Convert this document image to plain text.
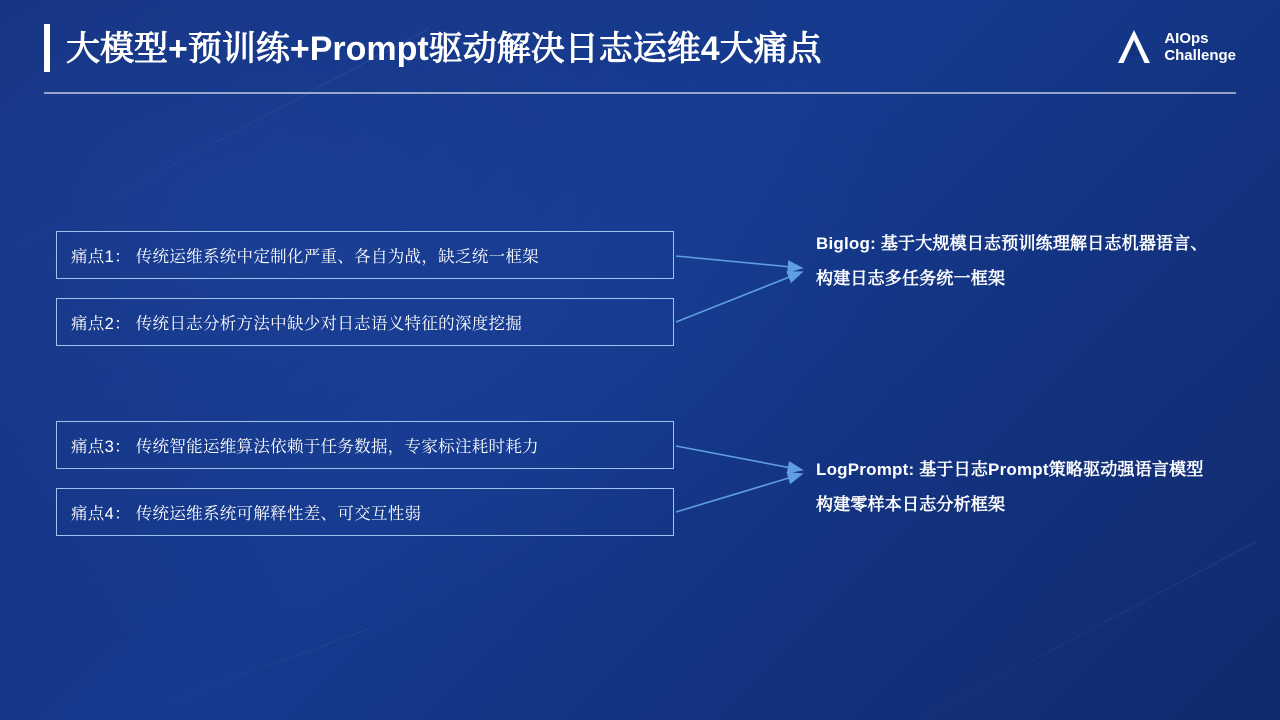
大模型+预训练+Prompt驱动解决日志运维4大痛点	AIOps
Challenge
痛点1： 传统运维系统中定制化严重、各自为战，缺乏统一框架
痛点2： 传统日志分析方法中缺少对日志语义特征的深度挖掘
痛点3： 传统智能运维算法依赖于任务数据，专家标注耗时耗力
痛点4： 传统运维系统可解释性差、可交互性弱
Biglog: 基于大规模日志预训练理解日志机器语言、构建日志多任务统一框架
LogPrompt: 基于日志Prompt策略驱动强语言模型构建零样本日志分析框架
